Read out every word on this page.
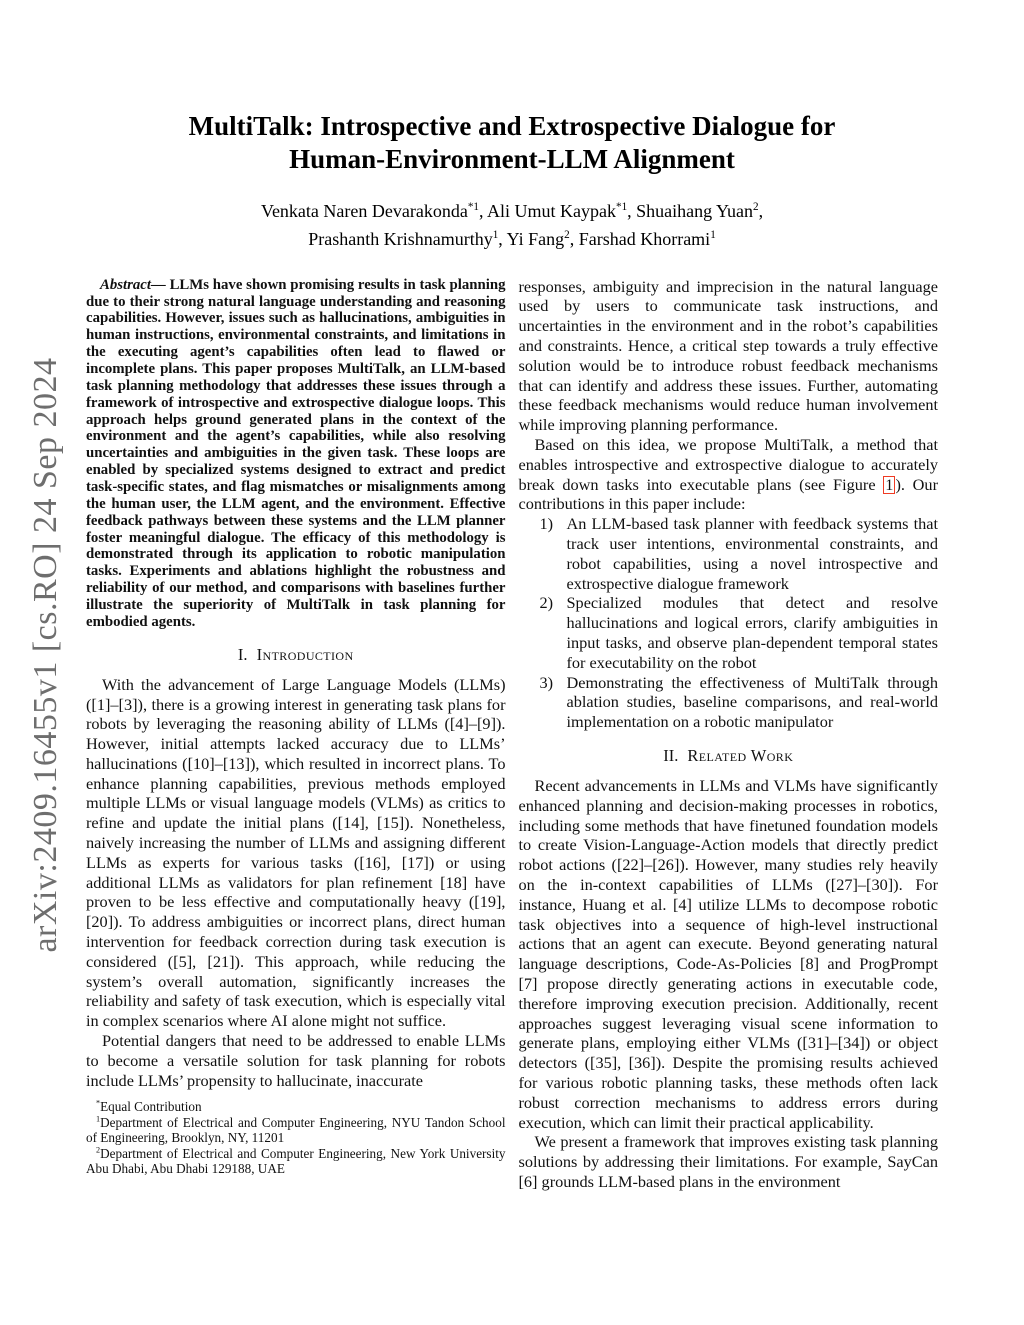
arXiv:2409.16455v1 [cs.RO] 24 Sep 2024
MultiTalk: Introspective and Extrospective Dialogue for
Human-Environment-LLM Alignment
Venkata Naren Devarakonda$^{*1}$, Ali Umut Kaypak$^{*1}$, Shuaihang Yuan$^2$,
Prashanth Krishnamurthy$^1$, Yi Fang$^2$, Farshad Khorrami$^1$

Abstract— LLMs have shown promising results in task planning due to their strong natural language understanding and reasoning capabilities. However, issues such as hallucinations, ambiguities in human instructions, environmental constraints, and limitations in the executing agent’s capabilities often lead to flawed or incomplete plans. This paper proposes MultiTalk, an LLM-based task planning methodology that addresses these issues through a framework of introspective and extrospective dialogue loops. This approach helps ground generated plans in the context of the environment and the agent’s capabilities, while also resolving uncertainties and ambiguities in the given task. These loops are enabled by specialized systems designed to extract and predict task-specific states, and flag mismatches or misalignments among the human user, the LLM agent, and the environment. Effective feedback pathways between these systems and the LLM planner foster meaningful dialogue. The efficacy of this methodology is demonstrated through its application to robotic manipulation tasks. Experiments and ablations highlight the robustness and reliability of our method, and comparisons with baselines further illustrate the superiority of MultiTalk in task planning for embodied agents.

I. Introduction

With the advancement of Large Language Models (LLMs) ([1]–[3]), there is a growing interest in generating task plans for robots by leveraging the reasoning ability of LLMs ([4]–[9]). However, initial attempts lacked accuracy due to LLMs’ hallucinations ([10]–[13]), which resulted in incorrect plans. To enhance planning capabilities, previous methods employed multiple LLMs or visual language models (VLMs) as critics to refine and update the initial plans ([14], [15]). Nonetheless, naively increasing the number of LLMs and assigning different LLMs as experts for various tasks ([16], [17]) or using additional LLMs as validators for plan refinement [18] have proven to be less effective and computationally heavy ([19], [20]). To address ambiguities or incorrect plans, direct human intervention for feedback correction during task execution is considered ([5], [21]). This approach, while reducing the system’s overall automation, significantly increases the reliability and safety of task execution, which is especially vital in complex scenarios where AI alone might not suffice.

Potential dangers that need to be addressed to enable LLMs to become a versatile solution for task planning for robots include LLMs’ propensity to hallucinate, inaccurate

*Equal Contribution
$^1$Department of Electrical and Computer Engineering, NYU Tandon School of Engineering, Brooklyn, NY, 11201
$^2$Department of Electrical and Computer Engineering, New York University Abu Dhabi, Abu Dhabi 129188, UAE

responses, ambiguity and imprecision in the natural language used by users to communicate task instructions, and uncertainties in the environment and in the robot’s capabilities and constraints. Hence, a critical step towards a truly effective solution would be to introduce robust feedback mechanisms that can identify and address these issues. Further, automating these feedback mechanisms would reduce human involvement while improving planning performance.

Based on this idea, we propose MultiTalk, a method that enables introspective and extrospective dialogue to accurately break down tasks into executable plans (see Figure 1 ). Our contributions in this paper include:

1) An LLM-based task planner with feedback systems that track user intentions, environmental constraints, and robot capabilities, using a novel introspective and extrospective dialogue framework
2) Specialized modules that detect and resolve hallucinations and logical errors, clarify ambiguities in input tasks, and observe plan-dependent temporal states for executability on the robot
3) Demonstrating the effectiveness of MultiTalk through ablation studies, baseline comparisons, and real-world implementation on a robotic manipulator
II. Related Work

Recent advancements in LLMs and VLMs have significantly enhanced planning and decision-making processes in robotics, including some methods that have finetuned foundation models to create Vision-Language-Action models that directly predict robot actions ([22]–[26]). However, many studies rely heavily on the in-context capabilities of LLMs ([27]–[30]). For instance, Huang et al. [4] utilize LLMs to decompose robotic task objectives into a sequence of high-level instructional actions that an agent can execute. Beyond generating natural language descriptions, Code-As-Policies [8] and ProgPrompt [7] propose directly generating actions in executable code, therefore improving execution precision. Additionally, recent approaches suggest leveraging visual scene information to generate plans, employing either VLMs ([31]–[34]) or object detectors ([35], [36]). Despite the promising results achieved for various robotic planning tasks, these methods often lack robust correction mechanisms to address errors during execution, which can limit their practical applicability.

We present a framework that improves existing task planning solutions by addressing their limitations. For example, SayCan [6] grounds LLM-based plans in the environment
